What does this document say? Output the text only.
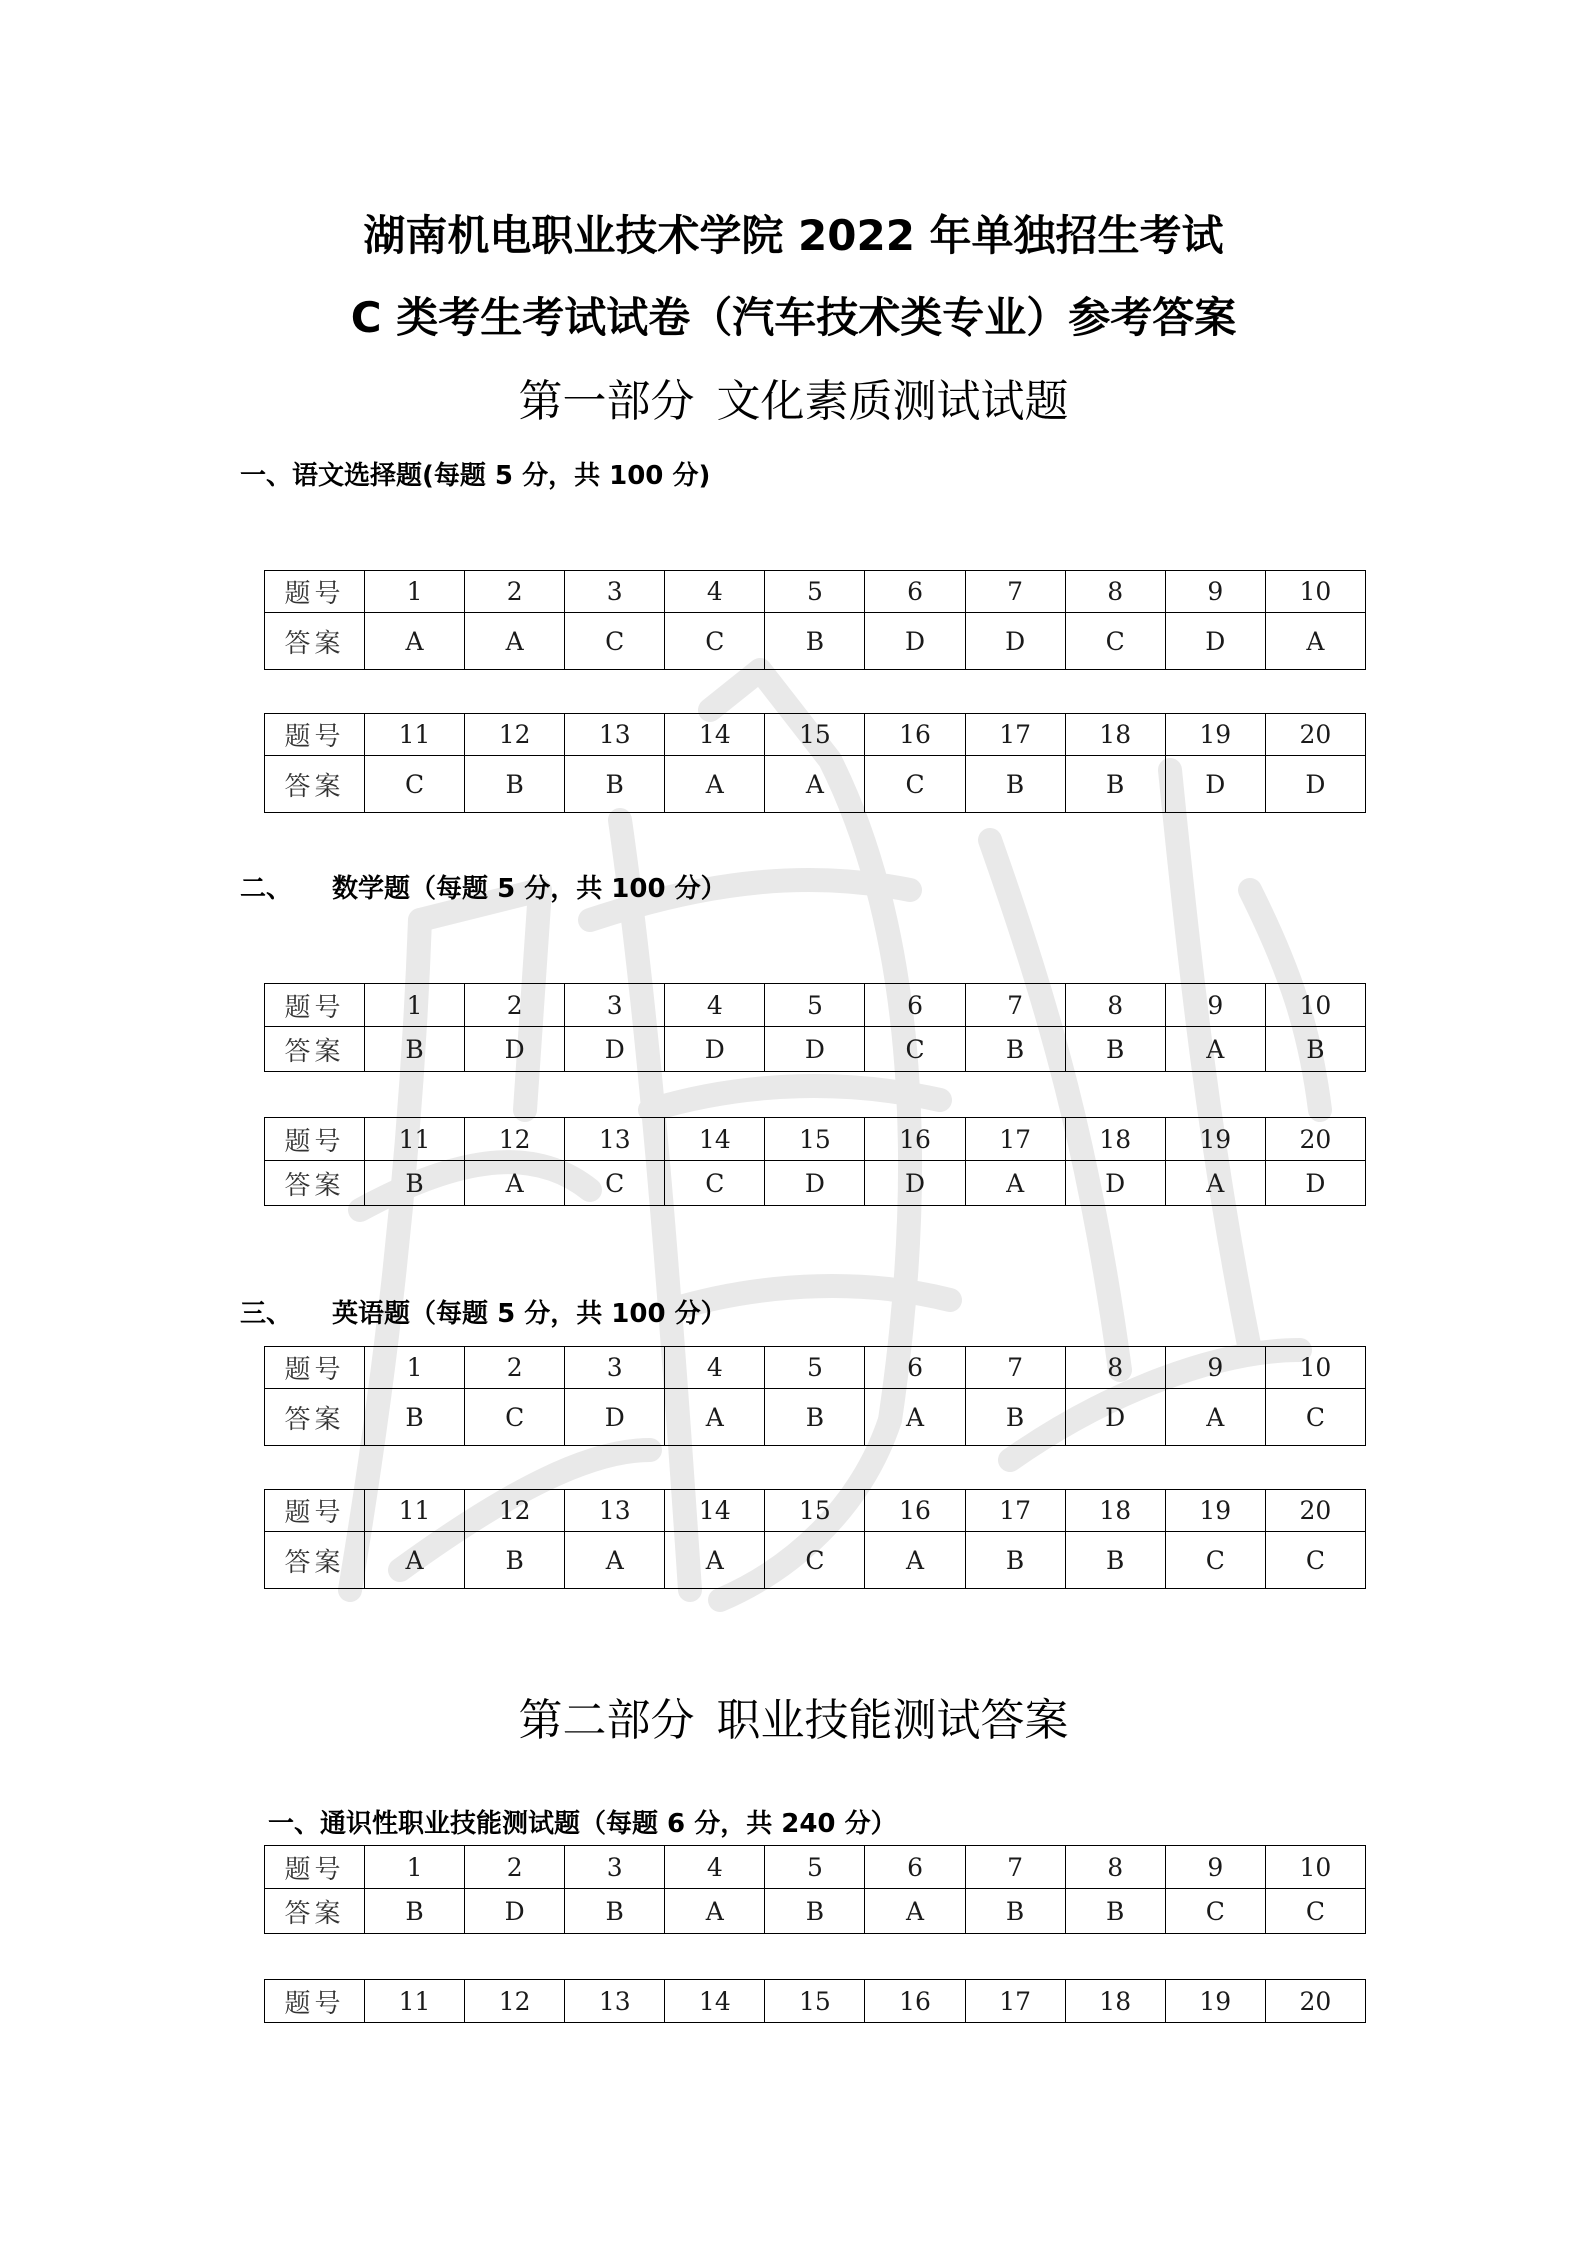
湖南机电职业技术学院 2022 年单独招生考试
C 类考生考试试卷（汽车技术类专业）参考答案
第一部分 文化素质测试试题
一、语文选择题(每题 5 分，共 100 分)
题号	1	2	3	4	5	6	7	8	9	10
答案	A	A	C	C	B	D	D	C	D	A
题号	11	12	13	14	15	16	17	18	19	20
答案	C	B	B	A	A	C	B	B	D	D
二、 数学题（每题 5 分，共 100 分）
题号	1	2	3	4	5	6	7	8	9	10
答案	B	D	D	D	D	C	B	B	A	B
题号	11	12	13	14	15	16	17	18	19	20
答案	B	A	C	C	D	D	A	D	A	D
三、 英语题（每题 5 分，共 100 分）
题号	1	2	3	4	5	6	7	8	9	10
答案	B	C	D	A	B	A	B	D	A	C
题号	11	12	13	14	15	16	17	18	19	20
答案	A	B	A	A	C	A	B	B	C	C
第二部分 职业技能测试答案
一、通识性职业技能测试题（每题 6 分，共 240 分）
题号	1	2	3	4	5	6	7	8	9	10
答案	B	D	B	A	B	A	B	B	C	C
题号	11	12	13	14	15	16	17	18	19	20
